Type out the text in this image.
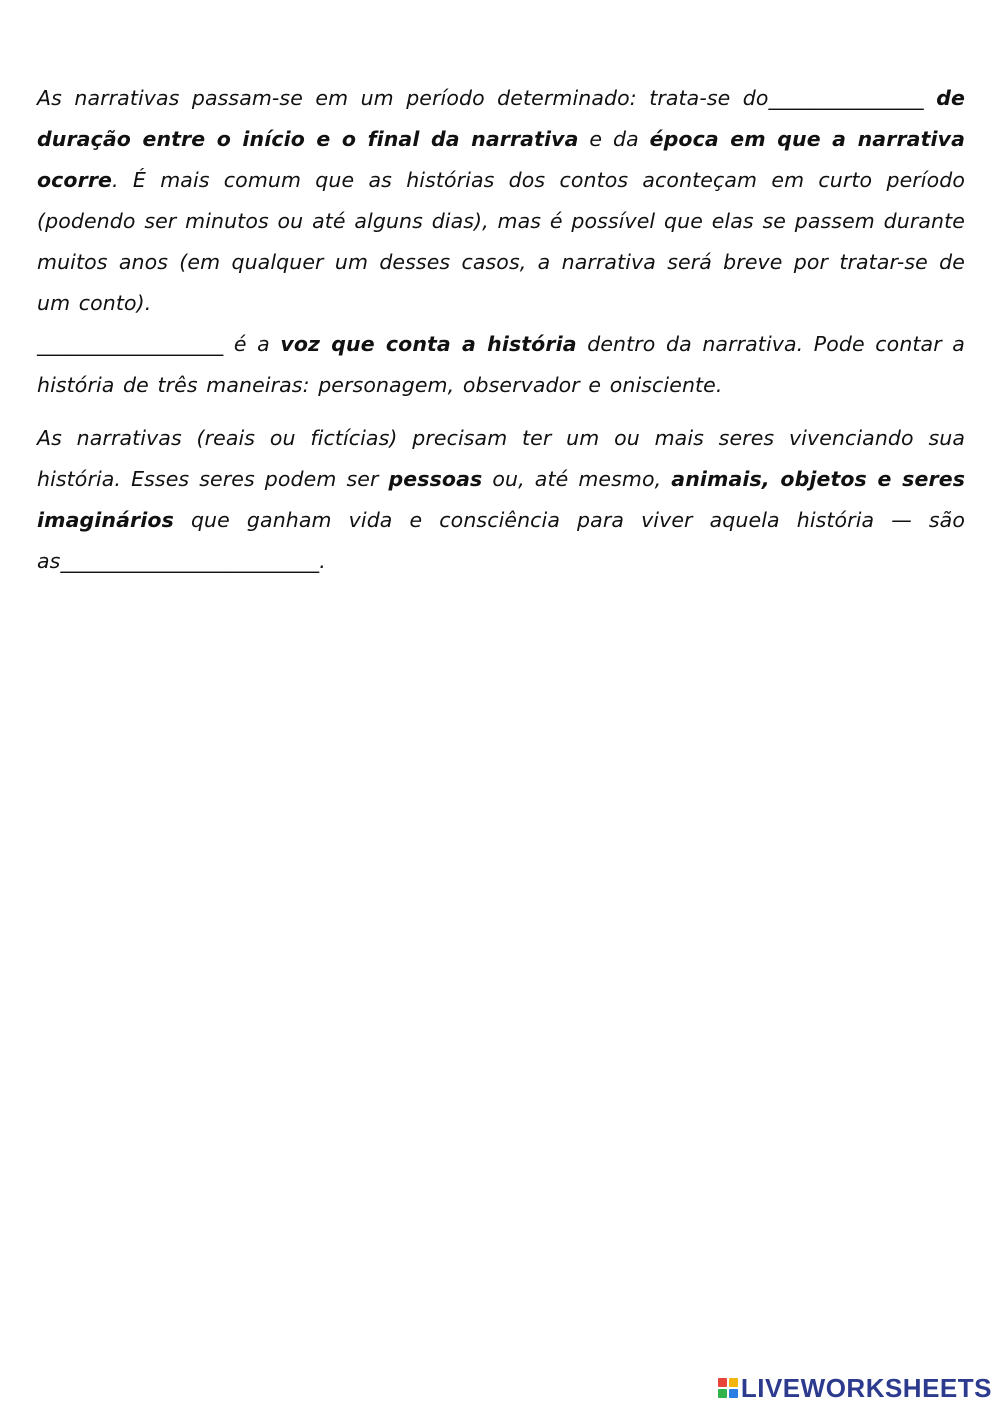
As narrativas passam-se em um período determinado: trata-se do_______________ de duração entre o início e o final da narrativa e da época em que a narrativa ocorre. É mais comum que as histórias dos contos aconteçam em curto período (podendo ser minutos ou até alguns dias), mas é possível que elas se passem durante muitos anos (em qualquer um desses casos, a narrativa será breve por tratar-se de um conto).

__________________ é a voz que conta a história dentro da narrativa. Pode contar a história de três maneiras: personagem, observador e onisciente.

As narrativas (reais ou fictícias) precisam ter um ou mais seres vivenciando sua história. Esses seres podem ser pessoas ou, até mesmo, animais, objetos e seres imaginários que ganham vida e consciência para viver aquela história — são as_________________________.

LIVEWORKSHEETS
